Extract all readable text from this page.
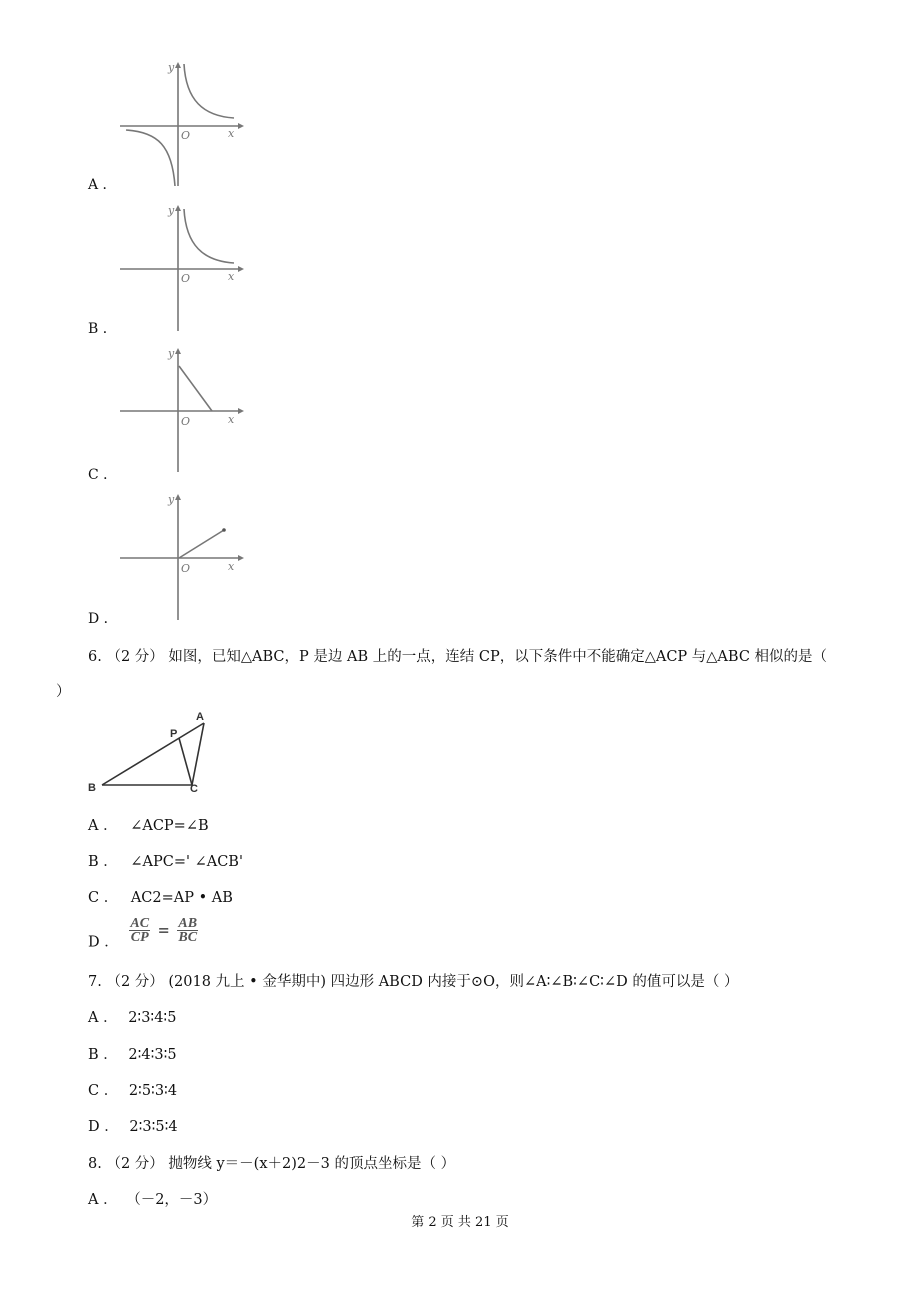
y
x
O
A ．
y
x
O
B ．
y
x
O
C ．
y
x
O
D ．
6. （2 分） 如图，已知△ABC，P 是边 AB 上的一点，连结 CP，以下条件中不能确定△ACP 与△ABC 相似的是（
）
A
B	C
P
A ． ∠ACP=∠B
B ． ∠APC=' ∠ACB'
C ． AC2=AP • AB
D ． $\frac{AC}{CP} = \frac{AB}{BC}$
7. （2 分） (2018 九上 • 金华期中) 四边形 ABCD 内接于⊙O，则∠A∶∠B∶∠C∶∠D 的值可以是（ ）
A ． 2∶3∶4∶5
B ． 2∶4∶3∶5
C ． 2∶5∶3∶4
D ． 2∶3∶5∶4
8. （2 分） 抛物线 y＝－(x＋2)2－3 的顶点坐标是（ ）
A ． （－2，－3）
第 2 页 共 21 页
